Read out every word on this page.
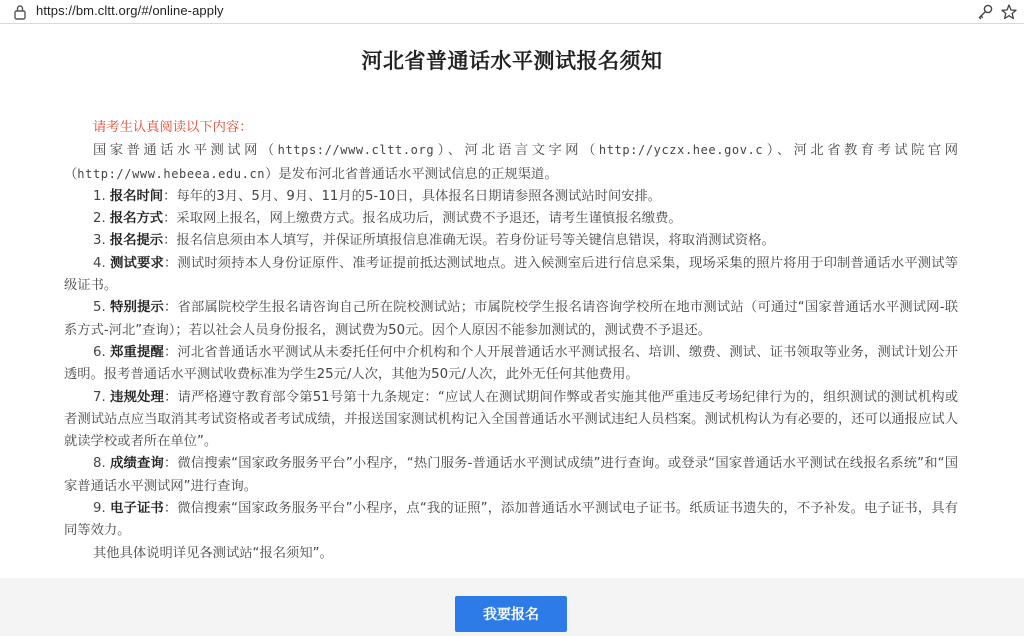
https://bm.cltt.org/#/online-apply
河北省普通话水平测试报名须知

请考生认真阅读以下内容：

国家普通话水平测试网（https://www.cltt.org）、河北语言文字网（http://yczx.hee.gov.c）、河北省教育考试院官网（http://www.hebeea.edu.cn）是发布河北省普通话水平测试信息的正规渠道。

1. 报名时间：每年的3月、5月、9月、11月的5-10日，具体报名日期请参照各测试站时间安排。

2. 报名方式：采取网上报名，网上缴费方式。报名成功后，测试费不予退还，请考生谨慎报名缴费。

3. 报名提示：报名信息须由本人填写，并保证所填报信息准确无误。若身份证号等关键信息错误，将取消测试资格。

4. 测试要求：测试时须持本人身份证原件、准考证提前抵达测试地点。进入候测室后进行信息采集，现场采集的照片将用于印制普通话水平测试等级证书。

5. 特别提示：省部属院校学生报名请咨询自己所在院校测试站；市属院校学生报名请咨询学校所在地市测试站（可通过“国家普通话水平测试网-联系方式-河北”查询）；若以社会人员身份报名，测试费为50元。因个人原因不能参加测试的，测试费不予退还。

6. 郑重提醒：河北省普通话水平测试从未委托任何中介机构和个人开展普通话水平测试报名、培训、缴费、测试、证书领取等业务，测试计划公开透明。报考普通话水平测试收费标准为学生25元/人次，其他为50元/人次，此外无任何其他费用。

7. 违规处理：请严格遵守教育部令第51号第十九条规定：“应试人在测试期间作弊或者实施其他严重违反考场纪律行为的，组织测试的测试机构或者测试站点应当取消其考试资格或者考试成绩，并报送国家测试机构记入全国普通话水平测试违纪人员档案。测试机构认为有必要的，还可以通报应试人就读学校或者所在单位”。

8. 成绩查询：微信搜索“国家政务服务平台”小程序，“热门服务-普通话水平测试成绩”进行查询。或登录“国家普通话水平测试在线报名系统”和“国家普通话水平测试网”进行查询。

9. 电子证书：微信搜索“国家政务服务平台”小程序，点“我的证照”，添加普通话水平测试电子证书。纸质证书遗失的，不予补发。电子证书，具有同等效力。

其他具体说明详见各测试站“报名须知”。

我要报名
